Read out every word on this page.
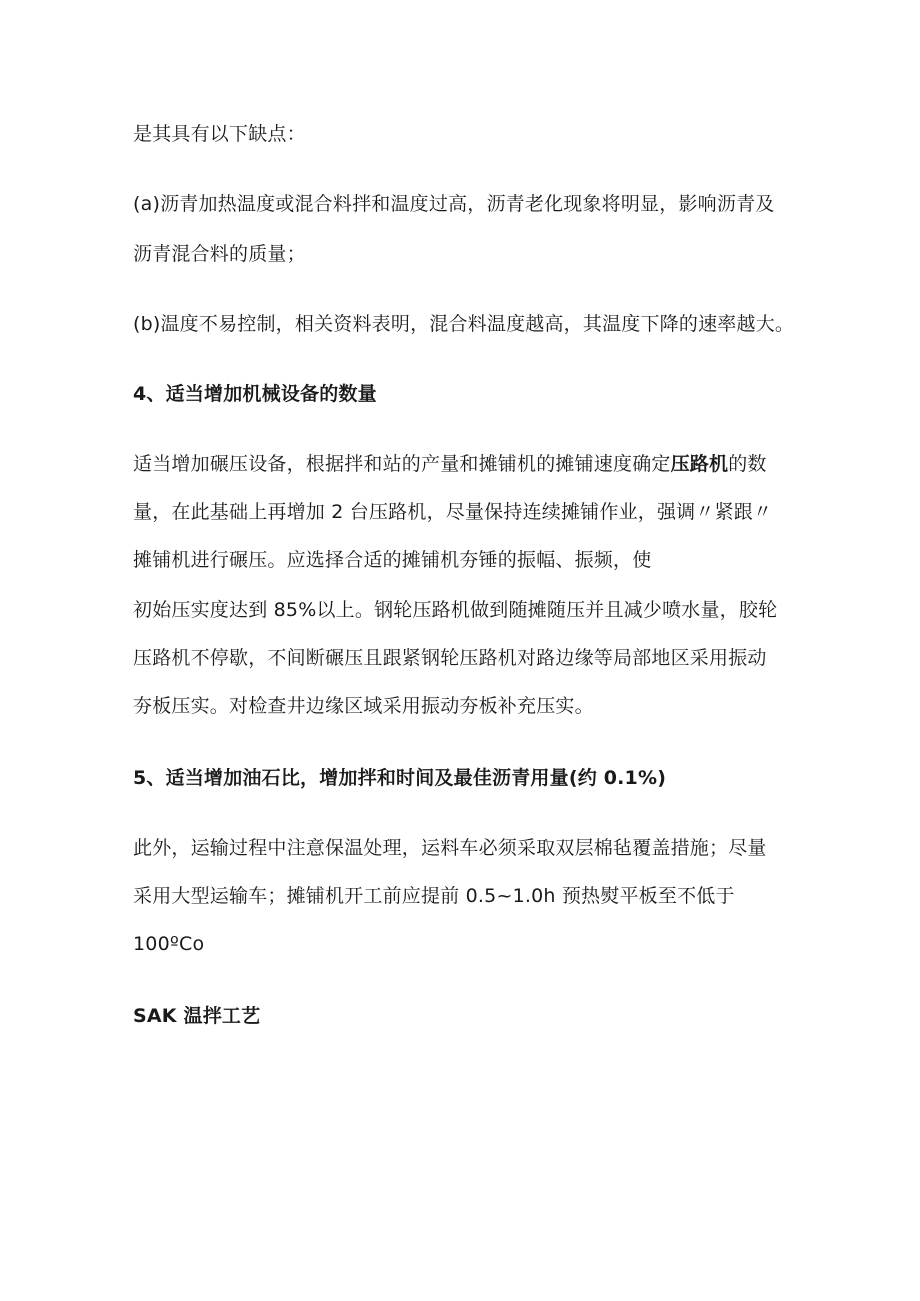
是其具有以下缺点：
(a)沥青加热温度或混合料拌和温度过高，沥青老化现象将明显，影响沥青及
沥青混合料的质量；
(b)温度不易控制，相关资料表明，混合料温度越高，其温度下降的速率越大。
4、适当增加机械设备的数量
适当增加碾压设备，根据拌和站的产量和摊铺机的摊铺速度确定压路机的数
量，在此基础上再增加 2 台压路机，尽量保持连续摊铺作业，强调〃紧跟〃
摊铺机进行碾压。应选择合适的摊铺机夯锤的振幅、振频，使
初始压实度达到 85%以上。钢轮压路机做到随摊随压并且减少喷水量，胶轮
压路机不停歇，不间断碾压且跟紧钢轮压路机对路边缘等局部地区采用振动
夯板压实。对检查井边缘区域采用振动夯板补充压实。
5、适当增加油石比，增加拌和时间及最佳沥青用量(约 0.1%)
此外，运输过程中注意保温处理，运料车必须采取双层棉毡覆盖措施；尽量
采用大型运输车；摊铺机开工前应提前 0.5~1.0h 预热熨平板至不低于
100ºCo
SAK 温拌工艺
